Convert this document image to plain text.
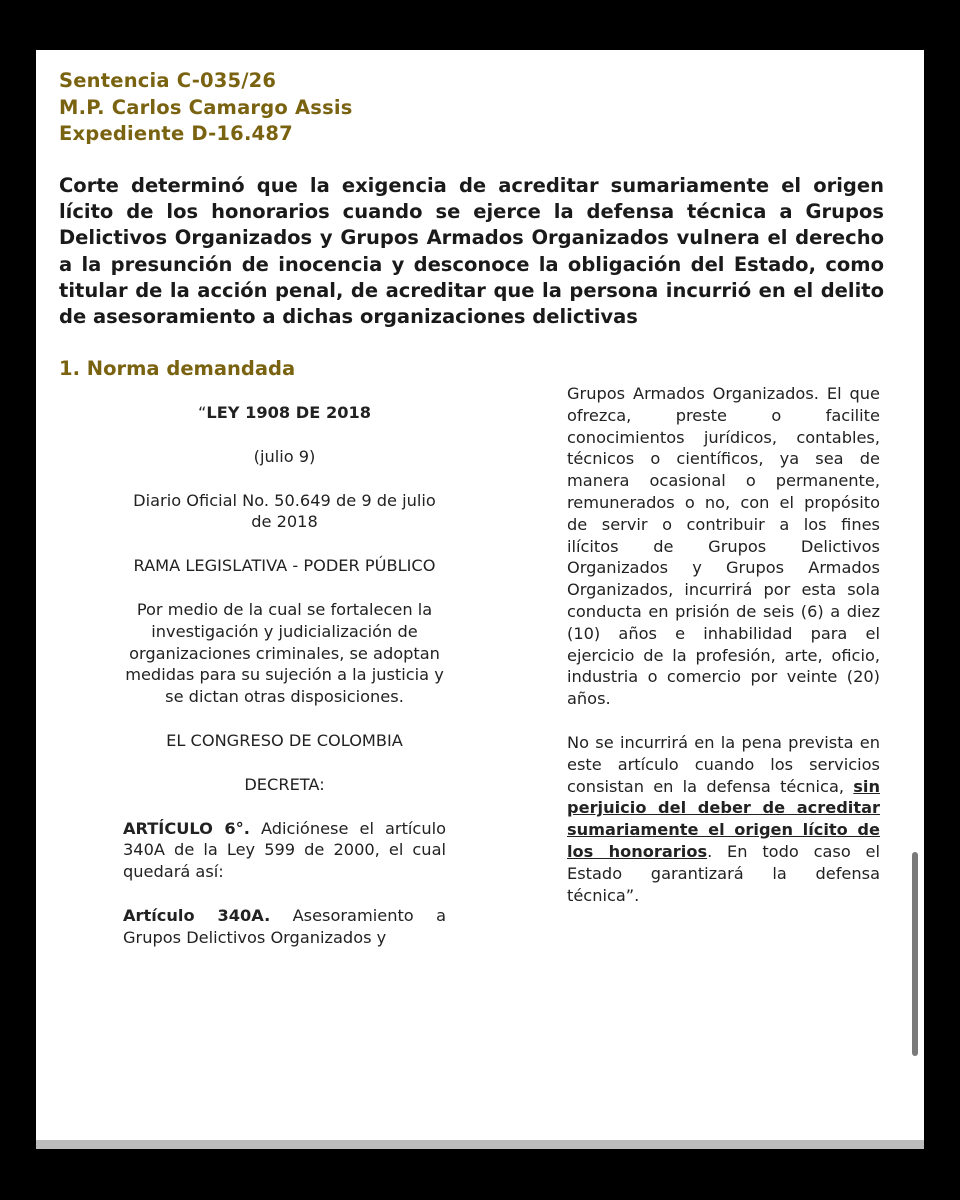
Sentencia C-035/26
M.P. Carlos Camargo Assis
Expediente D-16.487
Corte determinó que la exigencia de acreditar sumariamente el origen lícito de los honorarios cuando se ejerce la defensa técnica a Grupos Delictivos Organizados y Grupos Armados Organizados vulnera el derecho a la presunción de inocencia y desconoce la obligación del Estado, como titular de la acción penal, de acreditar que la persona incurrió en el delito de asesoramiento a dichas organizaciones delictivas
1. Norma demandada

“LEY 1908 DE 2018

(julio 9)

Diario Oficial No. 50.649 de 9 de julio de 2018

RAMA LEGISLATIVA - PODER PÚBLICO

Por medio de la cual se fortalecen la investigación y judicialización de organizaciones criminales, se adoptan medidas para su sujeción a la justicia y se dictan otras disposiciones.

EL CONGRESO DE COLOMBIA

DECRETA:

ARTÍCULO 6°. Adiciónese el artículo 340A de la Ley 599 de 2000, el cual quedará así:

Artículo 340A. Asesoramiento a Grupos Delictivos Organizados y

Grupos Armados Organizados. El que ofrezca, preste o facilite conocimientos jurídicos, contables, técnicos o científicos, ya sea de manera ocasional o permanente, remunerados o no, con el propósito de servir o contribuir a los fines ilícitos de Grupos Delictivos Organizados y Grupos Armados Organizados, incurrirá por esta sola conducta en prisión de seis (6) a diez (10) años e inhabilidad para el ejercicio de la profesión, arte, oficio, industria o comercio por veinte (20) años.

No se incurrirá en la pena prevista en este artículo cuando los servicios consistan en la defensa técnica, sin perjuicio del deber de acreditar sumariamente el origen lícito de los honorarios. En todo caso el Estado garantizará la defensa técnica”.
